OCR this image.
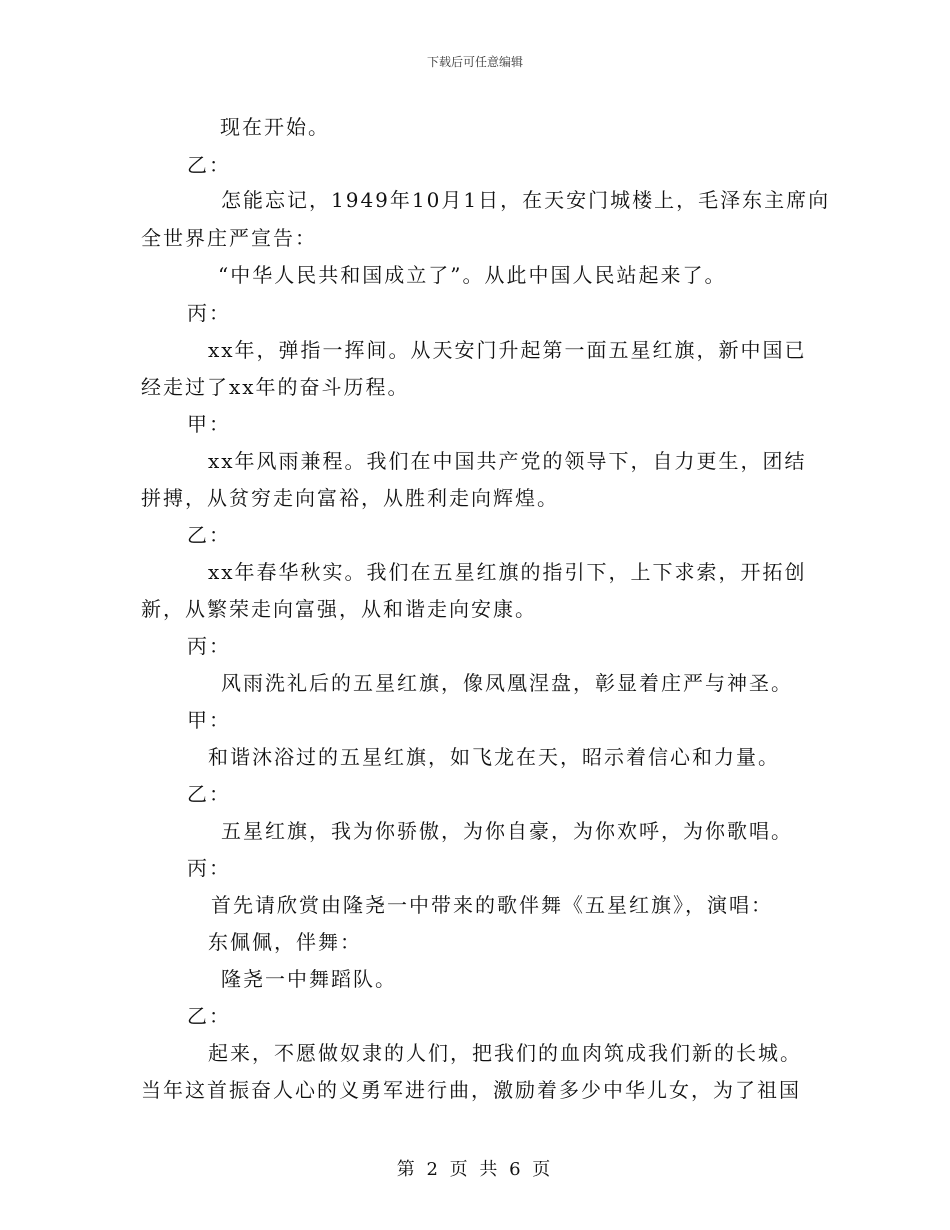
下载后可任意编辑
现在开始。
乙：
怎能忘记，1949年10月1日，在天安门城楼上，毛泽东主席向
全世界庄严宣告：
“中华人民共和国成立了”。从此中国人民站起来了。
丙：
xx年，弹指一挥间。从天安门升起第一面五星红旗，新中国已
经走过了xx年的奋斗历程。
甲：
xx年风雨兼程。我们在中国共产党的领导下，自力更生，团结
拼搏，从贫穷走向富裕，从胜利走向辉煌。
乙：
xx年春华秋实。我们在五星红旗的指引下，上下求索，开拓创
新，从繁荣走向富强，从和谐走向安康。
丙：
风雨洗礼后的五星红旗，像凤凰涅盘，彰显着庄严与神圣。
甲：
和谐沐浴过的五星红旗，如飞龙在天，昭示着信心和力量。
乙：
五星红旗，我为你骄傲，为你自豪，为你欢呼，为你歌唱。
丙：
首先请欣赏由隆尧一中带来的歌伴舞《五星红旗》，演唱：
东佩佩，伴舞：
隆尧一中舞蹈队。
乙：
起来，不愿做奴隶的人们，把我们的血肉筑成我们新的长城。
当年这首振奋人心的义勇军进行曲，激励着多少中华儿女，为了祖国
第 2 页 共 6 页
